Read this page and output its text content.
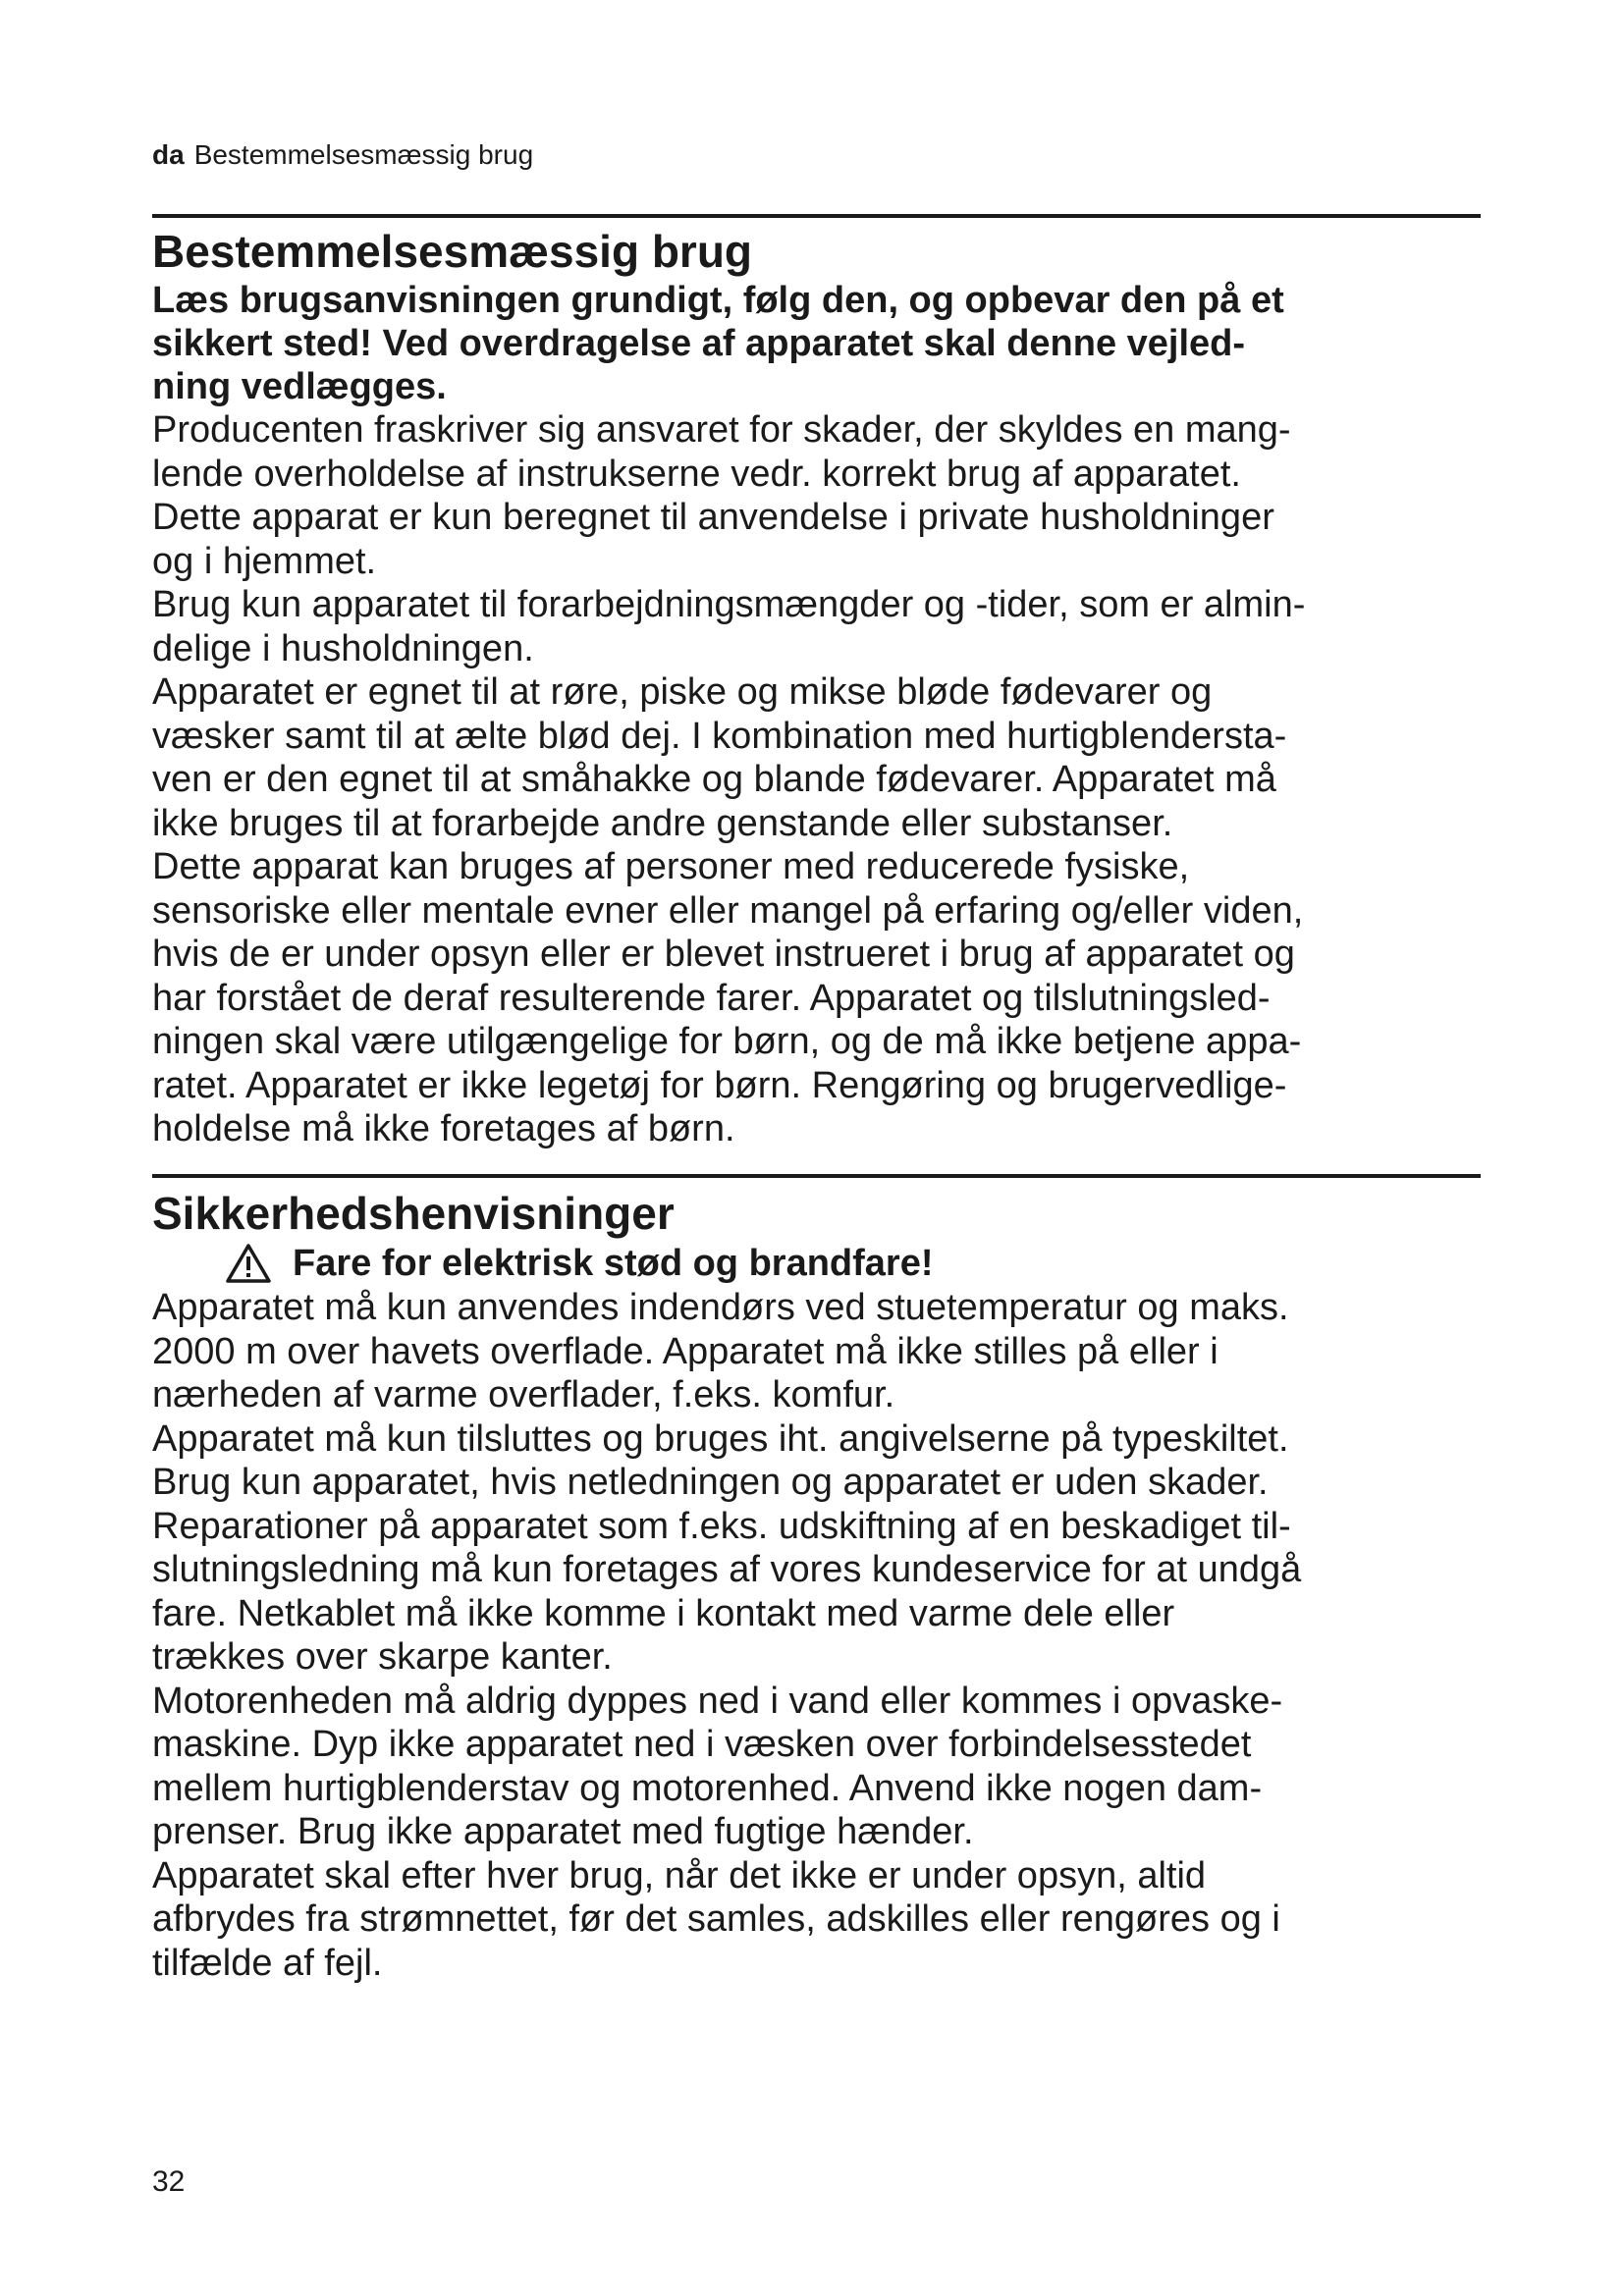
da Bestemmelsesmæssig brug
Bestemmelsesmæssig brug
Læs brugsanvisningen grundigt, følg den, og opbevar den på et
sikkert sted! Ved overdragelse af apparatet skal denne vejled-
ning vedlægges.
Producenten fraskriver sig ansvaret for skader, der skyldes en mang-
lende overholdelse af instrukserne vedr. korrekt brug af apparatet.
Dette apparat er kun beregnet til anvendelse i private husholdninger
og i hjemmet.
Brug kun apparatet til forarbejdningsmængder og -tider, som er almin-
delige i husholdningen.
Apparatet er egnet til at røre, piske og mikse bløde fødevarer og
væsker samt til at ælte blød dej. I kombination med hurtigblendersta-
ven er den egnet til at småhakke og blande fødevarer. Apparatet må
ikke bruges til at forarbejde andre genstande eller substanser.
Dette apparat kan bruges af personer med reducerede fysiske,
sensoriske eller mentale evner eller mangel på erfaring og/eller viden,
hvis de er under opsyn eller er blevet instrueret i brug af apparatet og
har forstået de deraf resulterende farer. Apparatet og tilslutningsled-
ningen skal være utilgængelige for børn, og de må ikke betjene appa-
ratet. Apparatet er ikke legetøj for børn. Rengøring og brugervedlige-
holdelse må ikke foretages af børn.
Sikkerhedshenvisninger
Fare for elektrisk stød og brandfare!
Apparatet må kun anvendes indendørs ved stuetemperatur og maks.
2000 m over havets overflade. Apparatet må ikke stilles på eller i
nærheden af varme overflader, f.eks. komfur.
Apparatet må kun tilsluttes og bruges iht. angivelserne på typeskiltet.
Brug kun apparatet, hvis netledningen og apparatet er uden skader.
Reparationer på apparatet som f.eks. udskiftning af en beskadiget til-
slutningsledning må kun foretages af vores kundeservice for at undgå
fare. Netkablet må ikke komme i kontakt med varme dele eller
trækkes over skarpe kanter.
Motorenheden må aldrig dyppes ned i vand eller kommes i opvaske-
maskine. Dyp ikke apparatet ned i væsken over forbindelsesstedet
mellem hurtigblenderstav og motorenhed. Anvend ikke nogen dam-
prenser. Brug ikke apparatet med fugtige hænder.
Apparatet skal efter hver brug, når det ikke er under opsyn, altid
afbrydes fra strømnettet, før det samles, adskilles eller rengøres og i
tilfælde af fejl.
32
